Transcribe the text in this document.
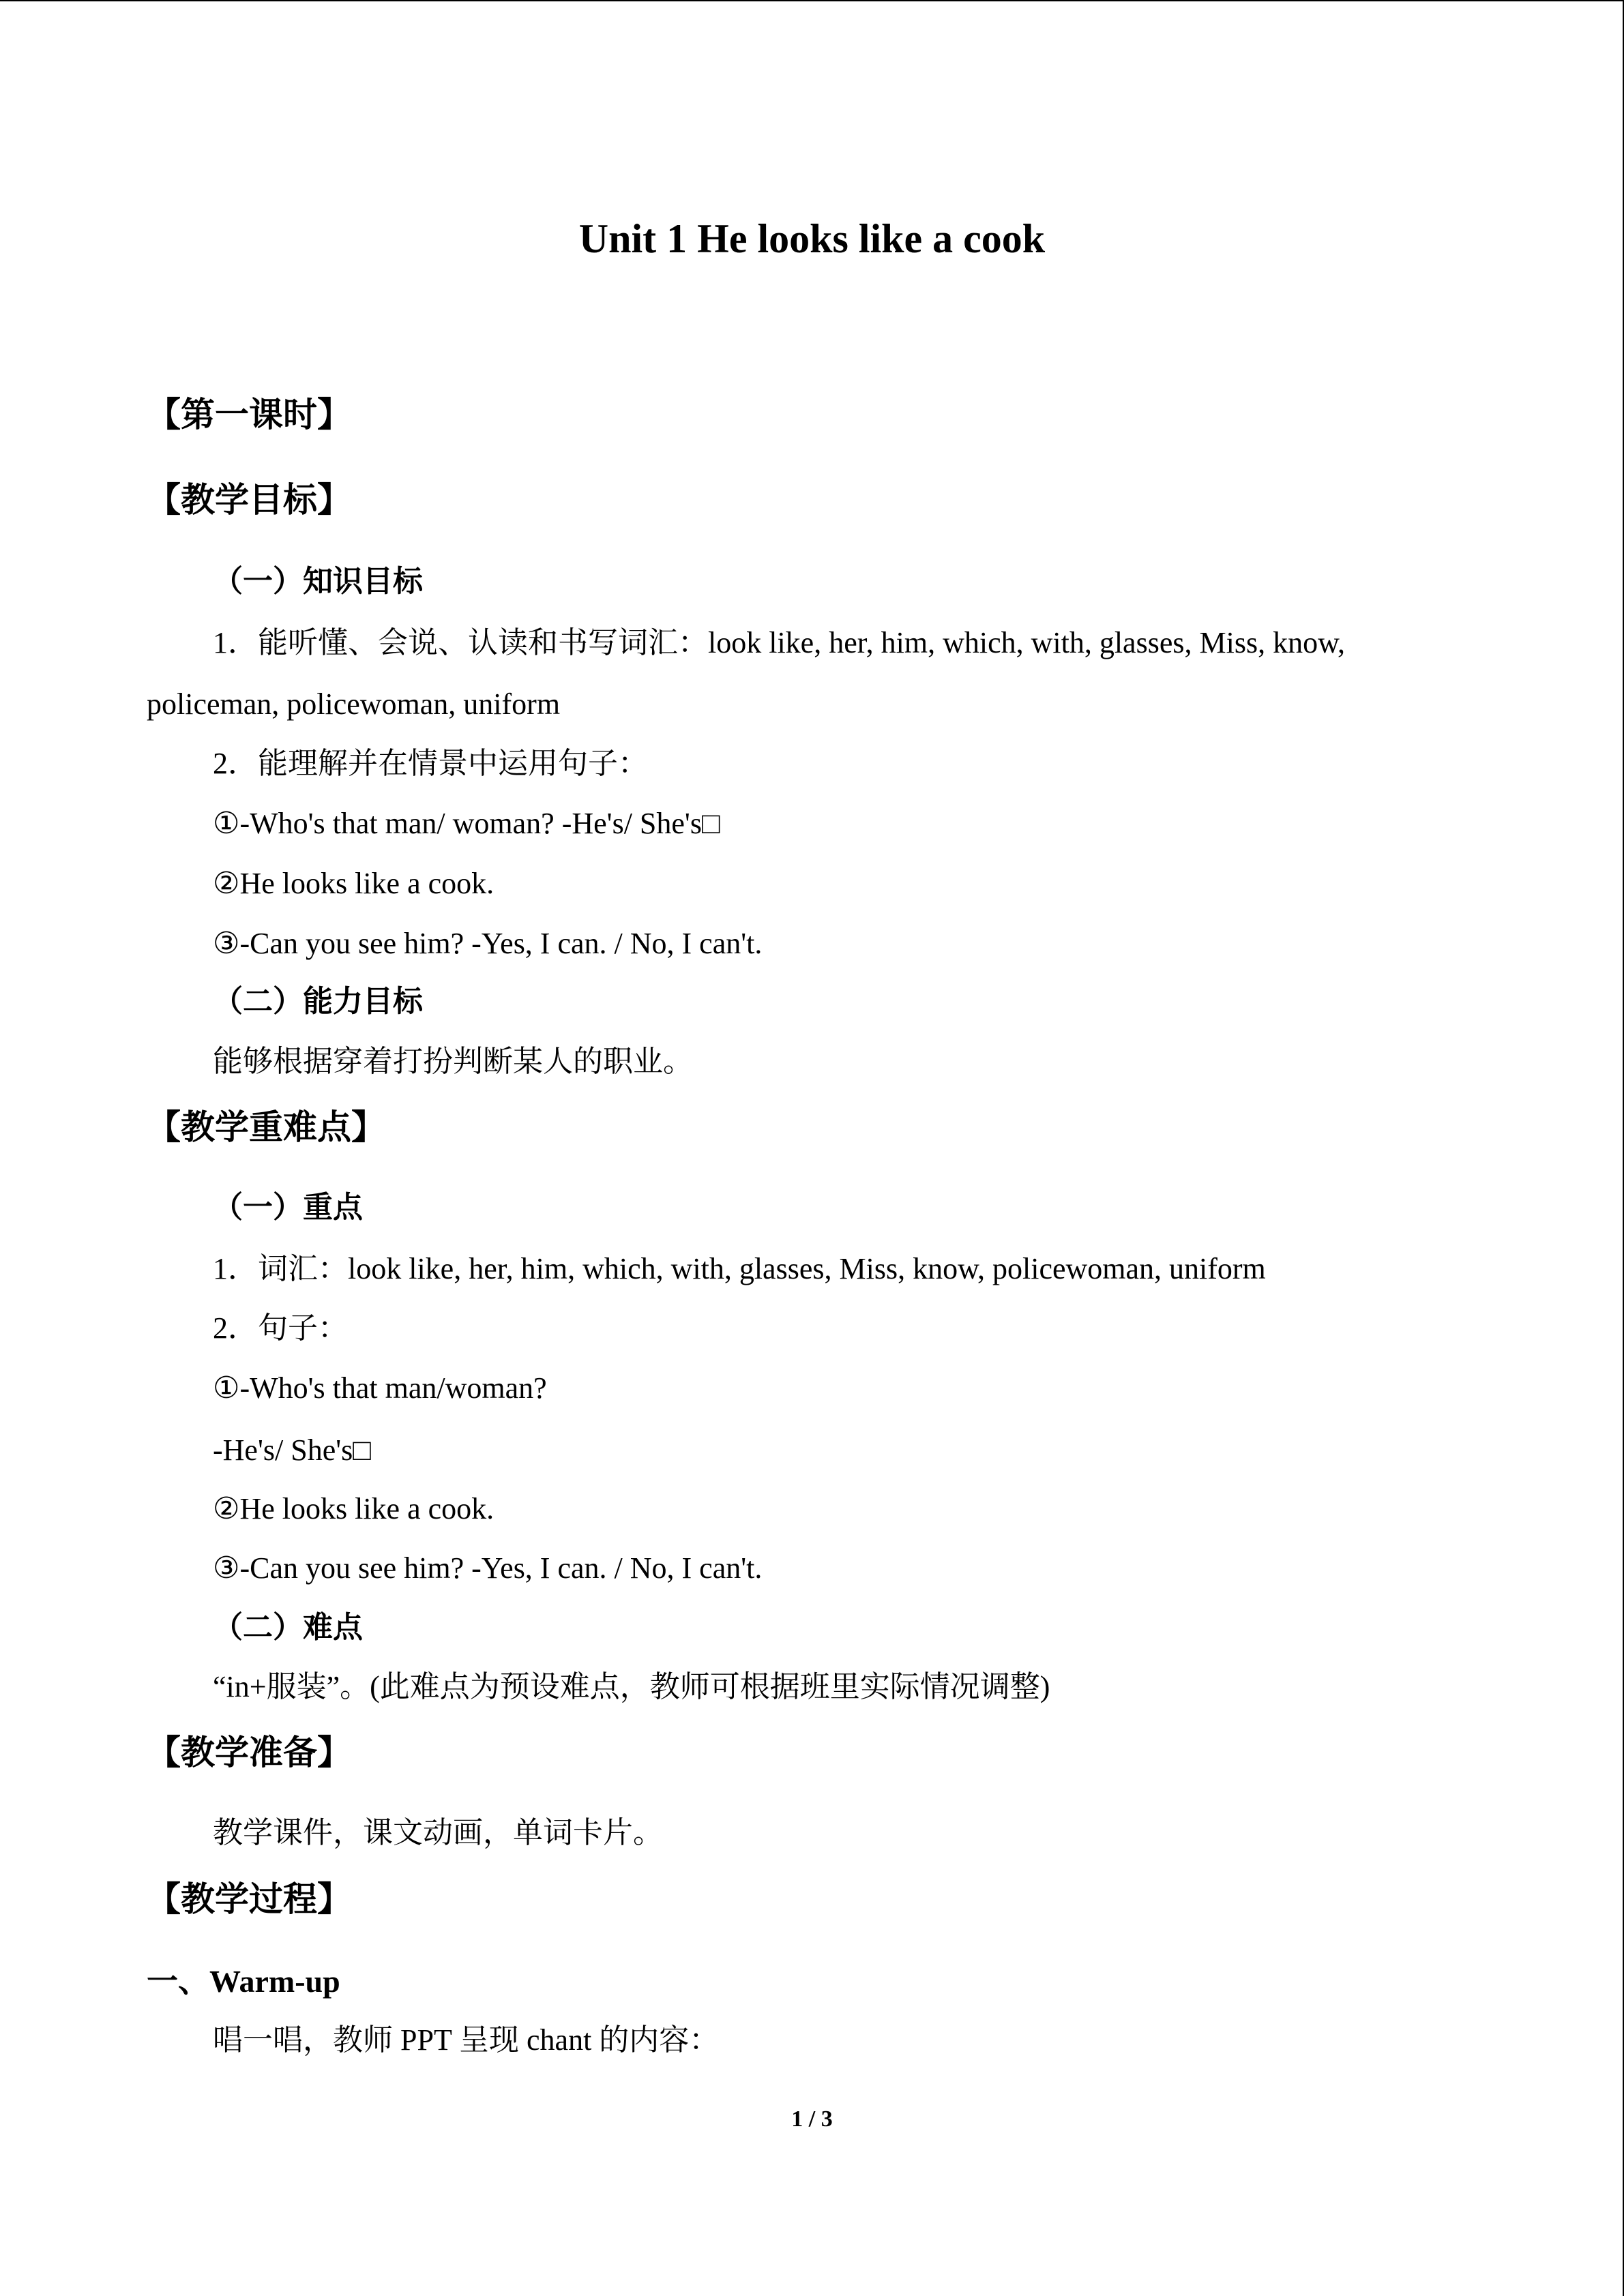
Unit 1 He looks like a cook
【第一课时】
【教学目标】
（一）知识目标
1．能听懂、会说、认读和书写词汇：look like, her, him, which, with, glasses, Miss, know,
policeman, policewoman, uniform
2．能理解并在情景中运用句子：
①-Who's that man/ woman? -He's/ She's□
②He looks like a cook.
③-Can you see him? -Yes, I can. / No, I can't.
（二）能力目标
能够根据穿着打扮判断某人的职业。
【教学重难点】
（一）重点
1．词汇：look like, her, him, which, with, glasses, Miss, know, policewoman, uniform
2．句子：
①-Who's that man/woman?
-He's/ She's□
②He looks like a cook.
③-Can you see him? -Yes, I can. / No, I can't.
（二）难点
“in+服装”。(此难点为预设难点，教师可根据班里实际情况调整)
【教学准备】
教学课件，课文动画，单词卡片。
【教学过程】
一、Warm-up
唱一唱，教师 PPT 呈现 chant 的内容：
1 / 3
